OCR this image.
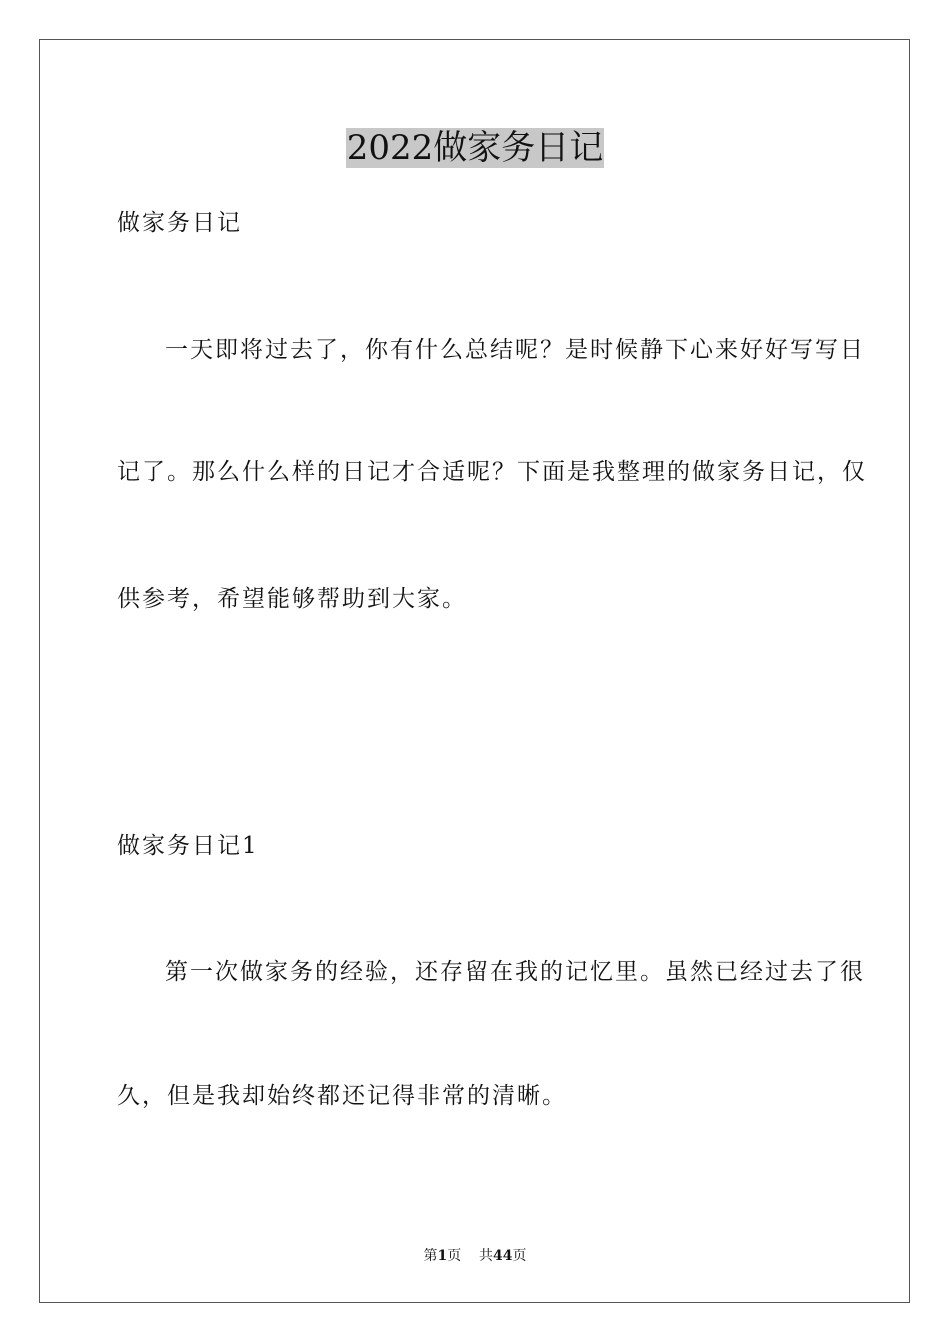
2022做家务日记

做家务日记

一天即将过去了，你有什么总结呢？是时候静下心来好好写写日

记了。那么什么样的日记才合适呢？下面是我整理的做家务日记，仅

供参考，希望能够帮助到大家。

做家务日记1

第一次做家务的经验，还存留在我的记忆里。虽然已经过去了很

久，但是我却始终都还记得非常的清晰。

第1页 共44页
